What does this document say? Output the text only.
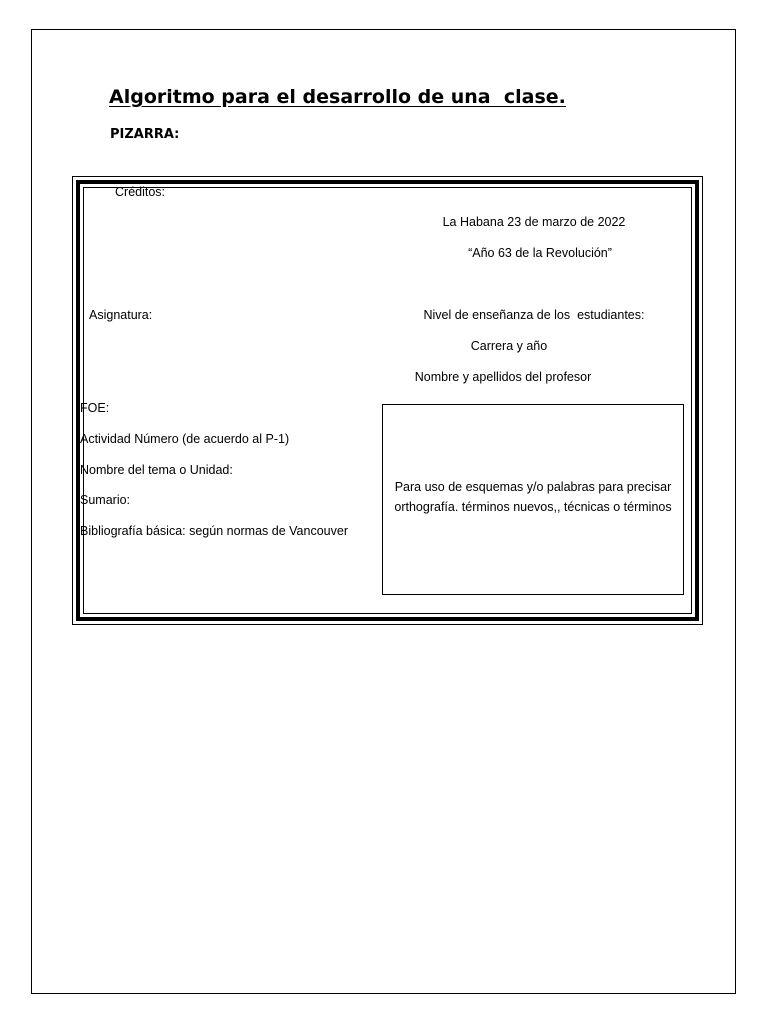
Algoritmo para el desarrollo de una  clase.
PIZARRA:
Créditos:
La Habana 23 de marzo de 2022
“Año 63 de la Revolución”
Asignatura:	Nivel de enseñanza de los  estudiantes:
Carrera y año
Nombre y apellidos del profesor
FOE:
Actividad Número (de acuerdo al P-1)
Nombre del tema o Unidad:
Sumario:
Bibliografía básica: según normas de Vancouver
Para uso de esquemas y/o palabras para precisar
orthografía. términos nuevos,, técnicas o términos
